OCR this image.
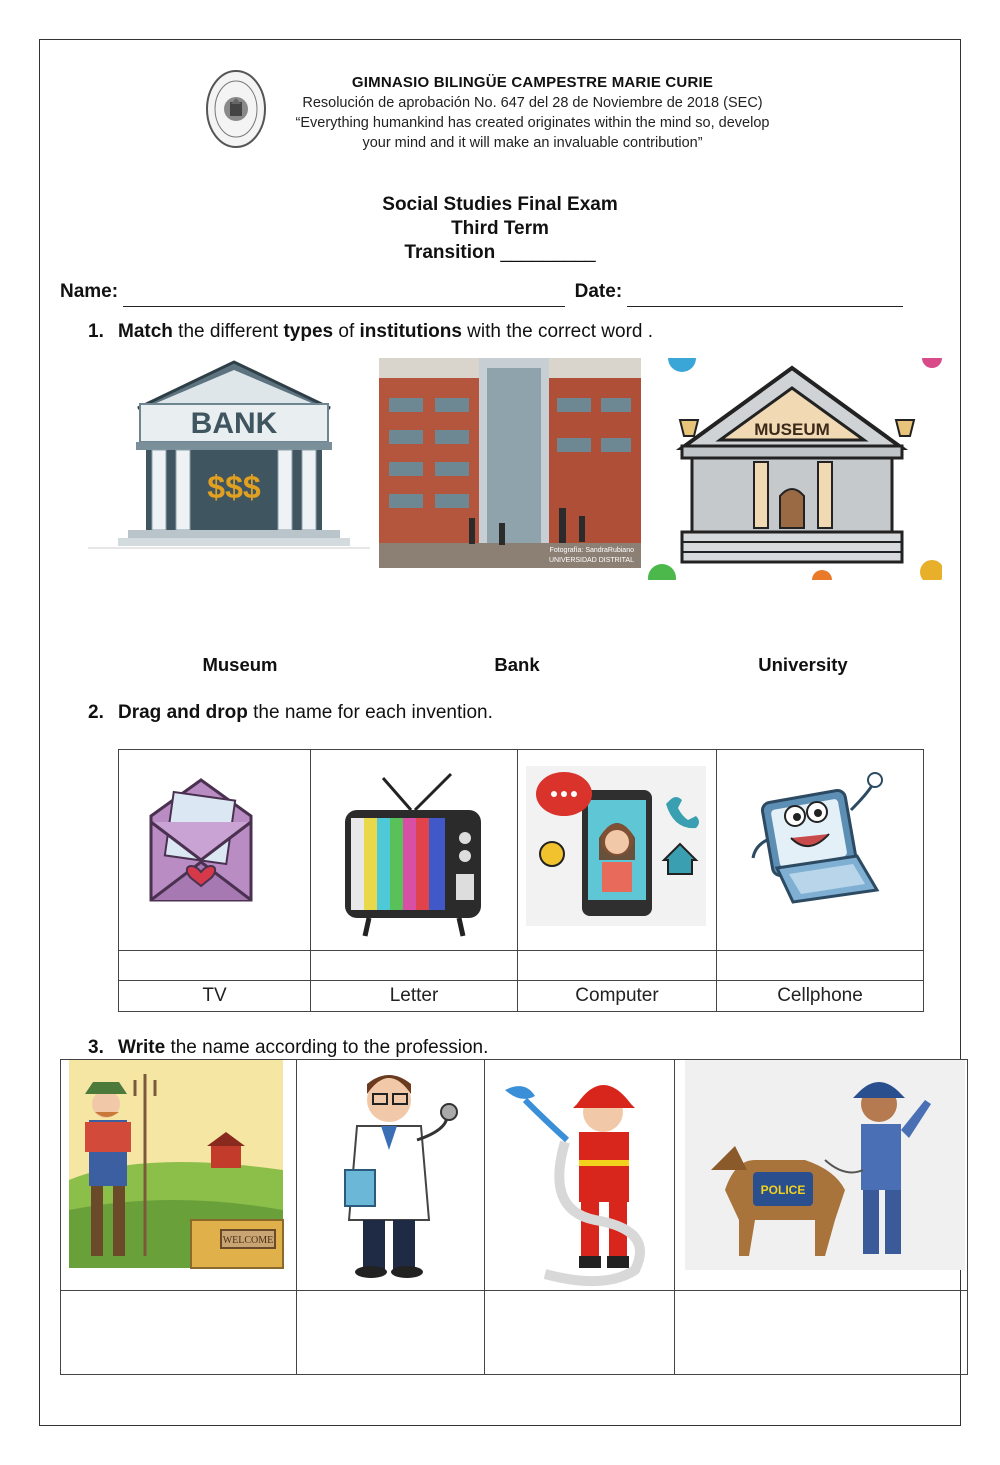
GIMNASIO BILINGÜE CAMPESTRE MARIE CURIE
Resolución de aprobación No. 647 del 28 de Noviembre de 2018 (SEC)
“Everything humankind has created originates within the mind so, develop
your mind and it will make an invaluable contribution”
Social Studies Final Exam
Third Term
Transition _________
Name:	Date:
1. Match the different types of institutions with the correct word .
BANK
$$$
Fotografía: SandraRubiano
UNIVERSIDAD DISTRITAL
MUSEUM
Museum	Bank	University
2. Drag and drop the name for each invention.

TV	Letter	Computer	Cellphone
3. Write the name according to the profession.
WELCOME			POLICE
